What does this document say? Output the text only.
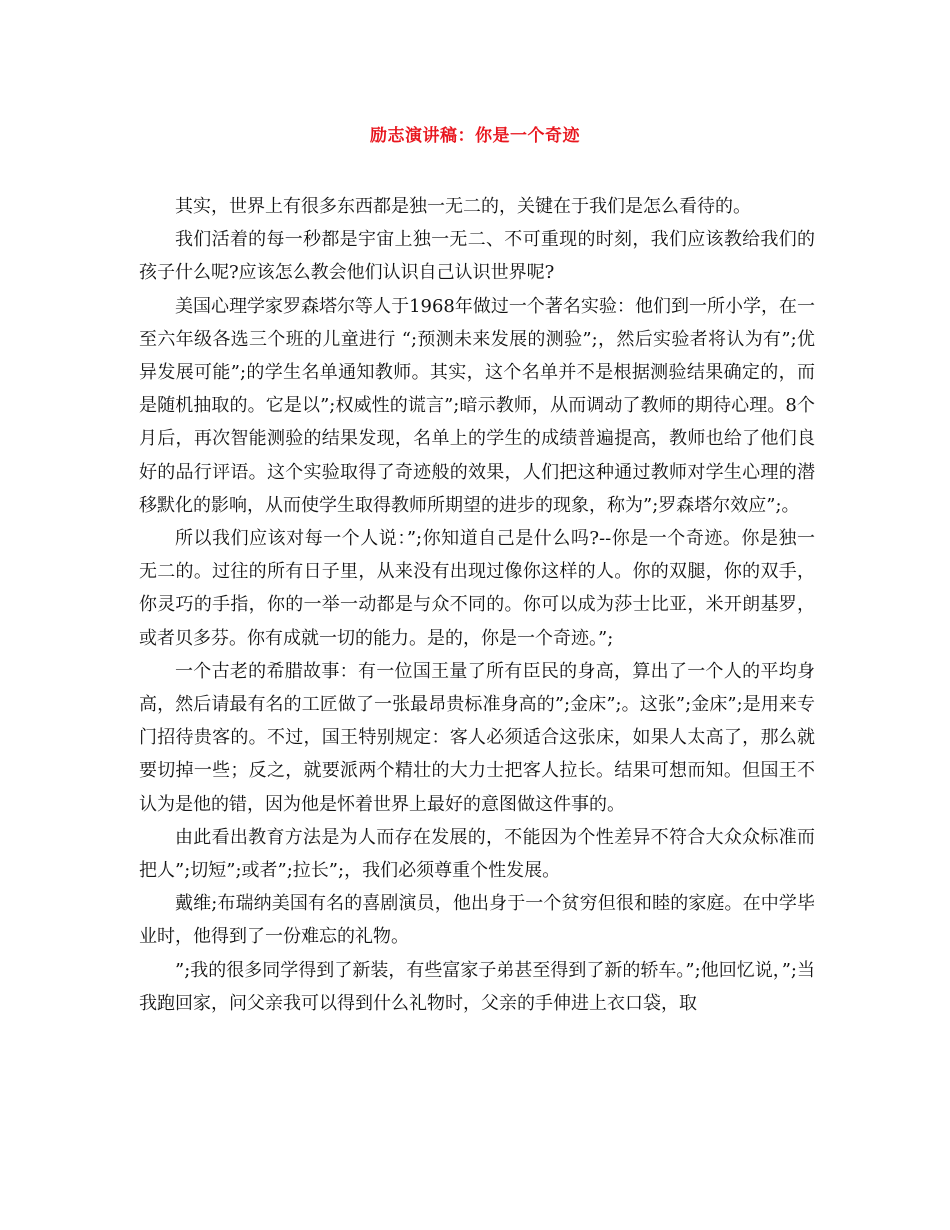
励志演讲稿：你是一个奇迹

其实，世界上有很多东西都是独一无二的，关键在于我们是怎么看待的。

我们活着的每一秒都是宇宙上独一无二、不可重现的时刻，我们应该教给我们的孩子什么呢?应该怎么教会他们认识自己认识世界呢?

美国心理学家罗森塔尔等人于1968年做过一个著名实验：他们到一所小学，在一至六年级各选三个班的儿童进行 “;预测未来发展的测验”;，然后实验者将认为有”;优异发展可能”;的学生名单通知教师。其实，这个名单并不是根据测验结果确定的，而是随机抽取的。它是以”;权威性的谎言”;暗示教师，从而调动了教师的期待心理。8个月后，再次智能测验的结果发现，名单上的学生的成绩普遍提高，教师也给了他们良好的品行评语。这个实验取得了奇迹般的效果，人们把这种通过教师对学生心理的潜移默化的影响，从而使学生取得教师所期望的进步的现象，称为”;罗森塔尔效应”;。

所以我们应该对每一个人说：”;你知道自己是什么吗?--你是一个奇迹。你是独一无二的。过往的所有日子里，从来没有出现过像你这样的人。你的双腿，你的双手，你灵巧的手指，你的一举一动都是与众不同的。你可以成为莎士比亚，米开朗基罗，或者贝多芬。你有成就一切的能力。是的，你是一个奇迹。”;

一个古老的希腊故事：有一位国王量了所有臣民的身高，算出了一个人的平均身高，然后请最有名的工匠做了一张最昂贵标准身高的”;金床”;。这张”;金床”;是用来专门招待贵客的。不过，国王特别规定：客人必须适合这张床，如果人太高了，那么就要切掉一些；反之，就要派两个精壮的大力士把客人拉长。结果可想而知。但国王不认为是他的错，因为他是怀着世界上最好的意图做这件事的。

由此看出教育方法是为人而存在发展的，不能因为个性差异不符合大众众标准而把人”;切短”;或者”;拉长”;，我们必须尊重个性发展。

戴维;布瑞纳美国有名的喜剧演员，他出身于一个贫穷但很和睦的家庭。在中学毕业时，他得到了一份难忘的礼物。

”;我的很多同学得到了新装，有些富家子弟甚至得到了新的轿车。”;他回忆说，”;当我跑回家，问父亲我可以得到什么礼物时，父亲的手伸进上衣口袋，取
